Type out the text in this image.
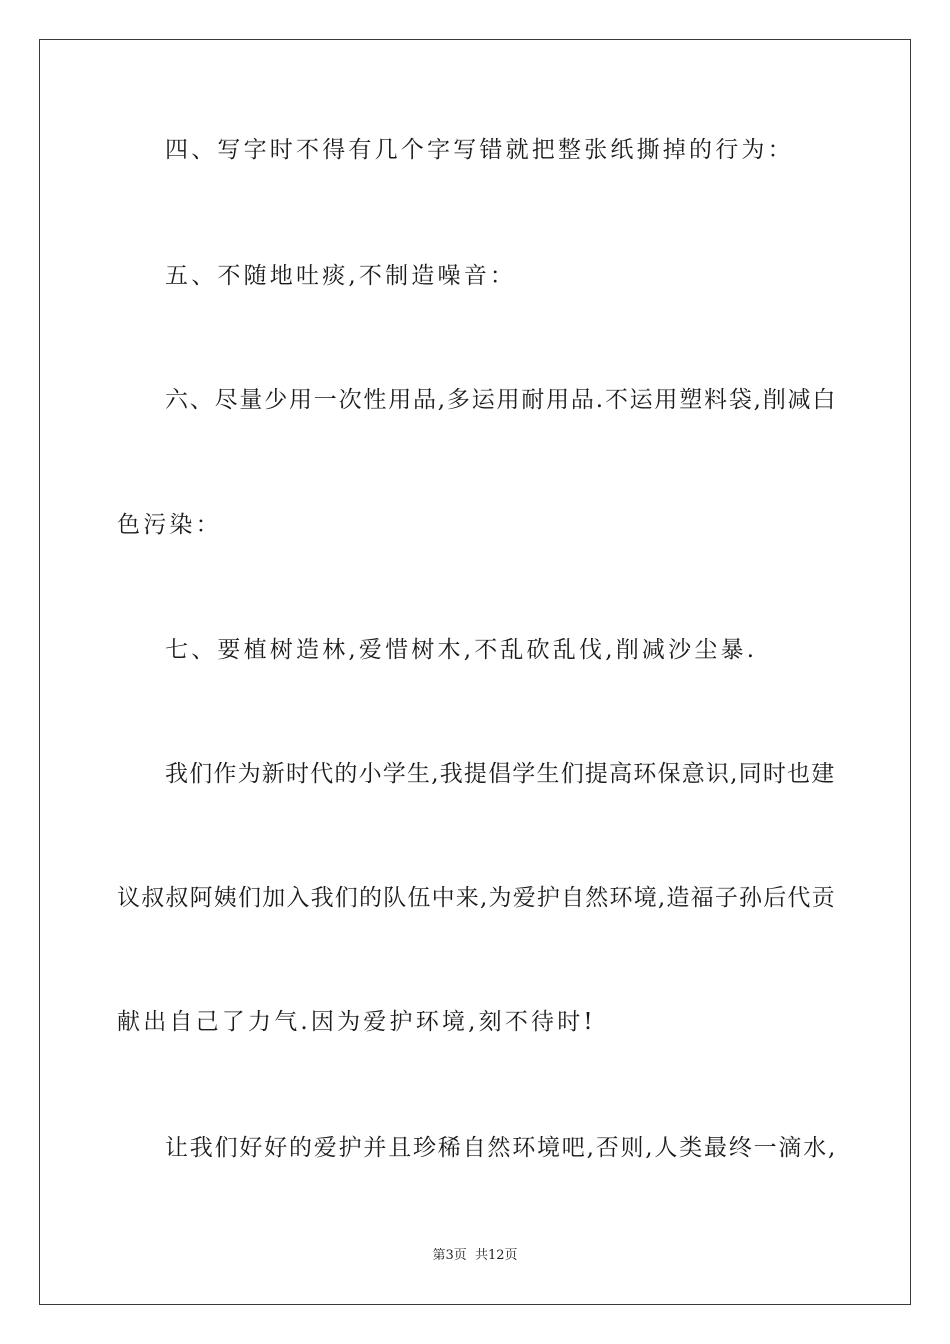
四、写字时不得有几个字写错就把整张纸撕掉的行为：
五、不随地吐痰,不制造噪音：
六、尽量少用一次性用品,多运用耐用品.不运用塑料袋,削减白
色污染：
七、要植树造林,爱惜树木,不乱砍乱伐,削减沙尘暴.
我们作为新时代的小学生,我提倡学生们提高环保意识,同时也建
议叔叔阿姨们加入我们的队伍中来,为爱护自然环境,造福子孙后代贡
献出自己了力气.因为爱护环境,刻不待时!
让我们好好的爱护并且珍稀自然环境吧,否则,人类最终一滴水,
第3页  共12页
